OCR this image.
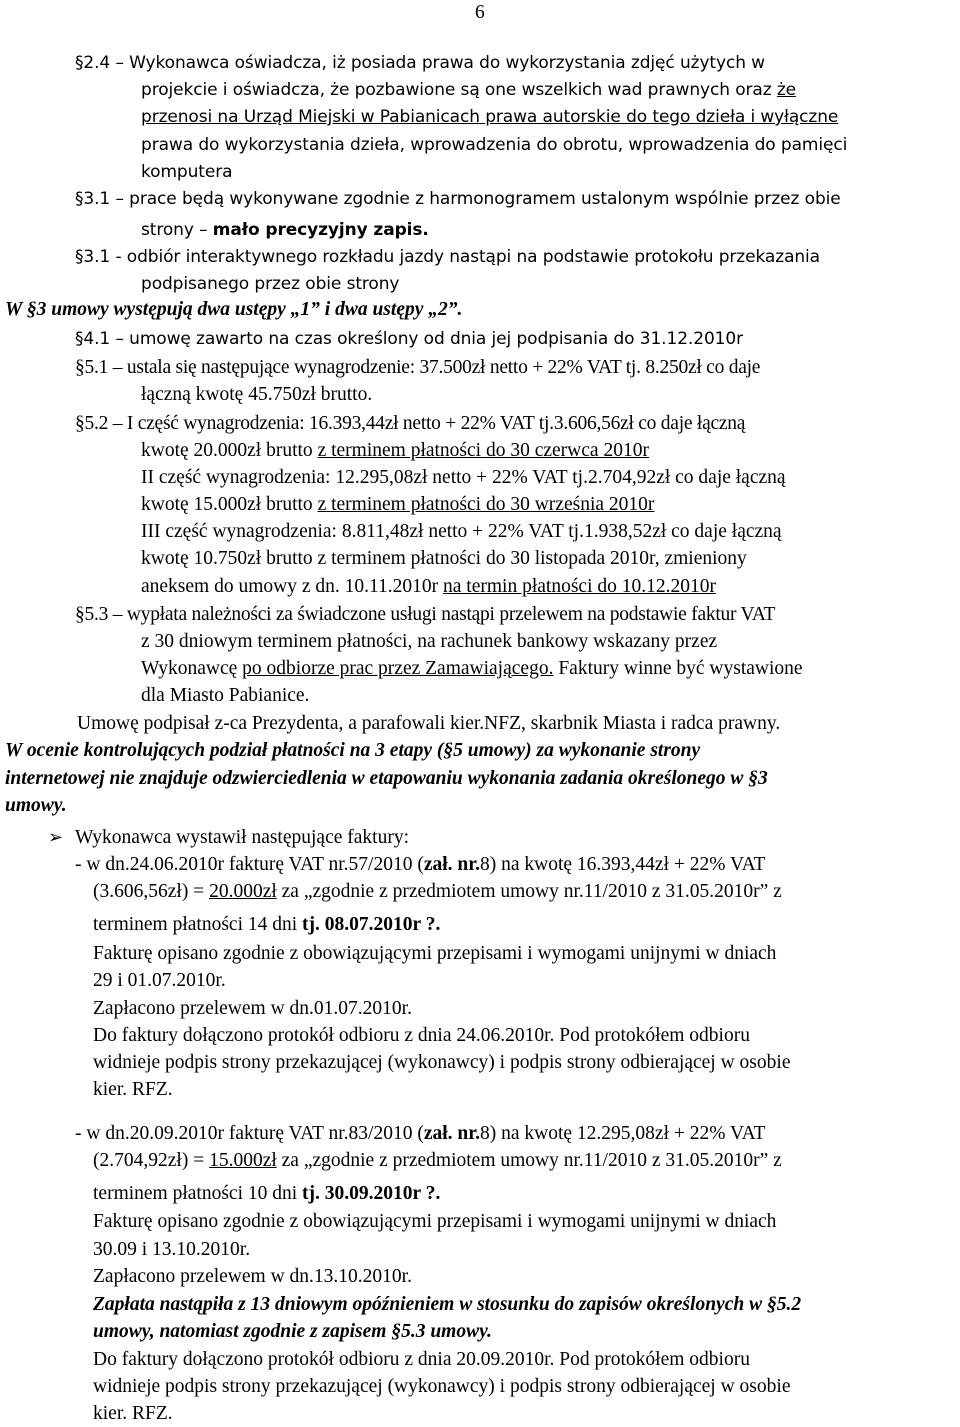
6
§2.4 – Wykonawca oświadcza, iż posiada prawa do wykorzystania zdjęć użytych w
projekcie i oświadcza, że pozbawione są one wszelkich wad prawnych oraz że
przenosi na Urząd Miejski w Pabianicach prawa autorskie do tego dzieła i wyłączne
prawa do wykorzystania dzieła, wprowadzenia do obrotu, wprowadzenia do pamięci
komputera
§3.1 – prace będą wykonywane zgodnie z harmonogramem ustalonym wspólnie przez obie
strony – mało precyzyjny zapis.
§3.1 - odbiór interaktywnego rozkładu jazdy nastąpi na podstawie protokołu przekazania
podpisanego przez obie strony
W §3 umowy występują dwa ustępy „1” i dwa ustępy „2”.
§4.1 – umowę zawarto na czas określony od dnia jej podpisania do 31.12.2010r
§5.1 – ustala się następujące wynagrodzenie: 37.500zł netto + 22% VAT tj. 8.250zł co daje
łączną kwotę 45.750zł brutto.
§5.2 – I część wynagrodzenia: 16.393,44zł netto + 22% VAT tj.3.606,56zł co daje łączną
kwotę 20.000zł brutto z terminem płatności do 30 czerwca 2010r
II część wynagrodzenia: 12.295,08zł netto + 22% VAT tj.2.704,92zł co daje łączną
kwotę 15.000zł brutto z terminem płatności do 30 września 2010r
III część wynagrodzenia: 8.811,48zł netto + 22% VAT tj.1.938,52zł co daje łączną
kwotę 10.750zł brutto z terminem płatności do 30 listopada 2010r, zmieniony
aneksem do umowy z dn. 10.11.2010r na termin płatności do 10.12.2010r
§5.3 – wypłata należności za świadczone usługi nastąpi przelewem na podstawie faktur VAT
z 30 dniowym terminem płatności, na rachunek bankowy wskazany przez
Wykonawcę po odbiorze prac przez Zamawiającego. Faktury winne być wystawione
dla Miasto Pabianice.
Umowę podpisał z-ca Prezydenta, a parafowali kier.NFZ, skarbnik Miasta i radca prawny.
W ocenie kontrolujących podział płatności na 3 etapy (§5 umowy) za wykonanie strony
internetowej nie znajduje odzwierciedlenia w etapowaniu wykonania zadania określonego w §3
umowy.
➢ Wykonawca wystawił następujące faktury:
- w dn.24.06.2010r fakturę VAT nr.57/2010 (zał. nr.8) na kwotę 16.393,44zł + 22% VAT
(3.606,56zł) = 20.000zł za „zgodnie z przedmiotem umowy nr.11/2010 z 31.05.2010r” z
terminem płatności 14 dni tj. 08.07.2010r ?.
Fakturę opisano zgodnie z obowiązującymi przepisami i wymogami unijnymi w dniach
29 i 01.07.2010r.
Zapłacono przelewem w dn.01.07.2010r.
Do faktury dołączono protokół odbioru z dnia 24.06.2010r. Pod protokółem odbioru
widnieje podpis strony przekazującej (wykonawcy) i podpis strony odbierającej w osobie
kier. RFZ.
- w dn.20.09.2010r fakturę VAT nr.83/2010 (zał. nr.8) na kwotę 12.295,08zł + 22% VAT
(2.704,92zł) = 15.000zł za „zgodnie z przedmiotem umowy nr.11/2010 z 31.05.2010r” z
terminem płatności 10 dni tj. 30.09.2010r ?.
Fakturę opisano zgodnie z obowiązującymi przepisami i wymogami unijnymi w dniach
30.09 i 13.10.2010r.
Zapłacono przelewem w dn.13.10.2010r.
Zapłata nastąpiła z 13 dniowym opóźnieniem w stosunku do zapisów określonych w §5.2
umowy, natomiast zgodnie z zapisem §5.3 umowy.
Do faktury dołączono protokół odbioru z dnia 20.09.2010r. Pod protokółem odbioru
widnieje podpis strony przekazującej (wykonawcy) i podpis strony odbierającej w osobie
kier. RFZ.
